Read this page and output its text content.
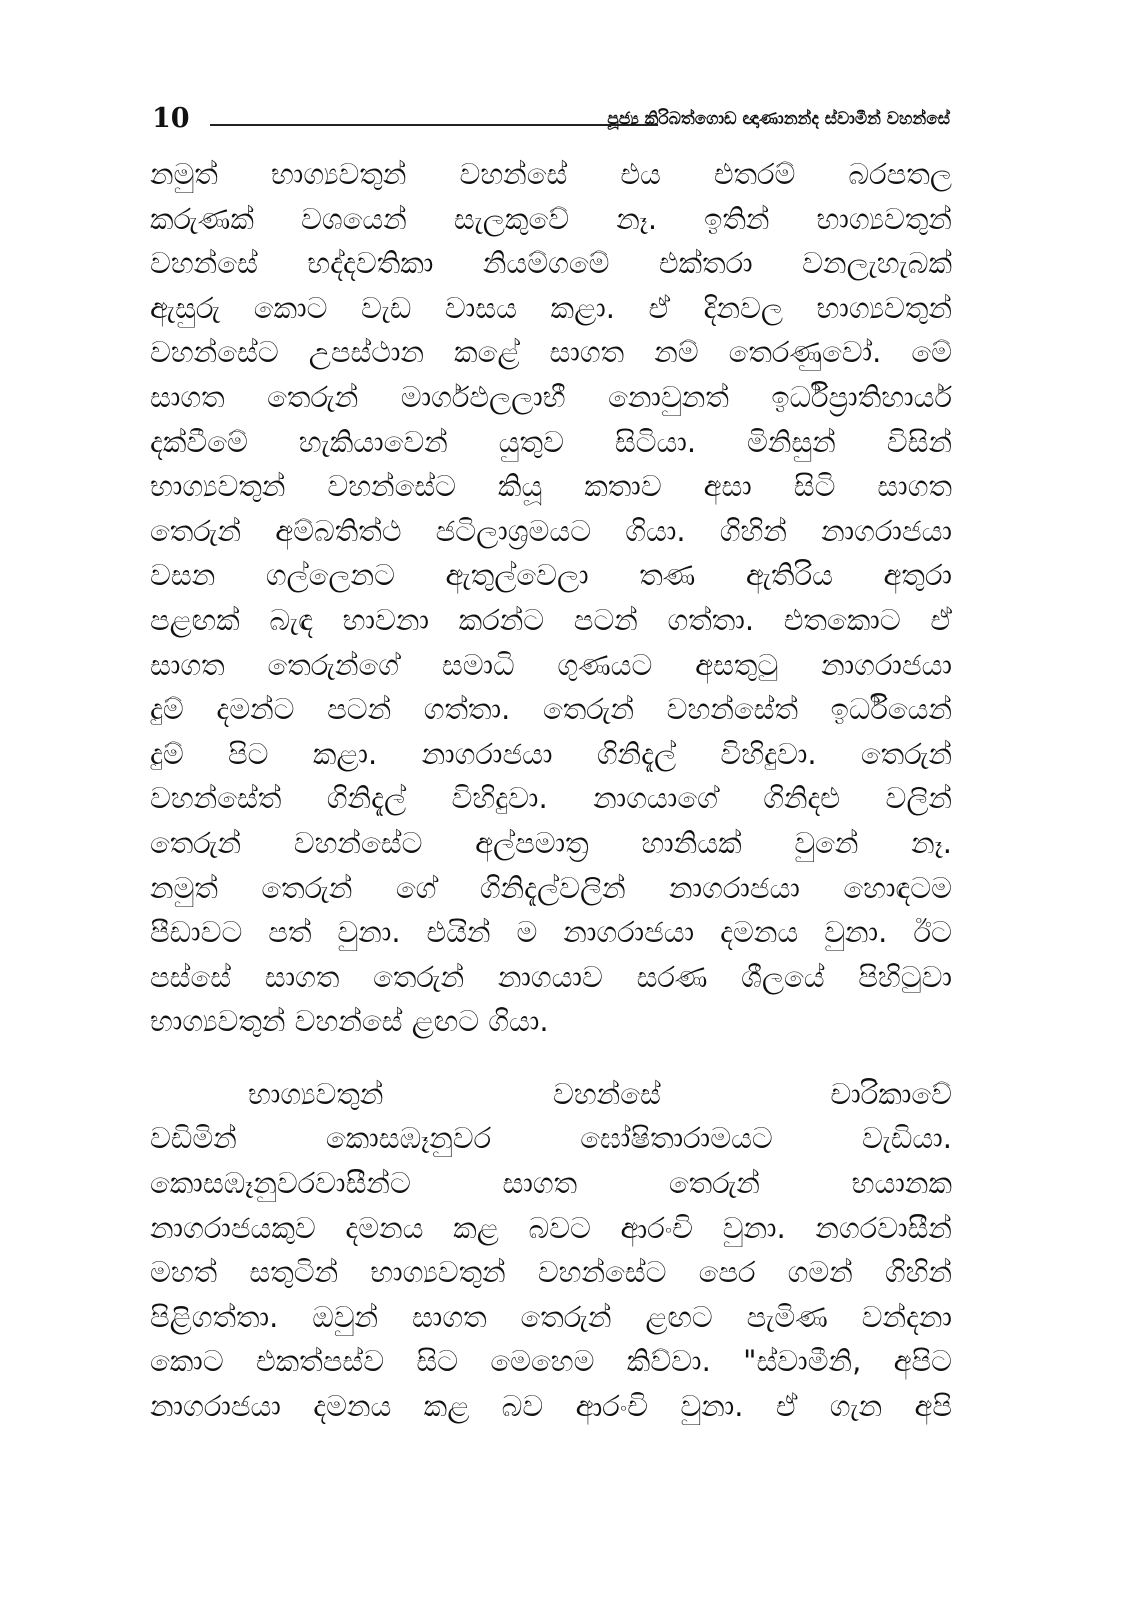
10	පූජ්‍ය කිරිබත්ගොඩ ඥාණානන්ද ස්වාමීන් වහන්සේ
නමුත් භාග්‍යවතුන් වහන්සේ එය එතරම් බරපතල
කරුණක් වශයෙන් සැලකුවේ නෑ. ඉතින් භාග්‍යවතුන්
වහන්සේ භද්දවතිකා නියම්ගමේ එක්තරා වනලැහැබක්
ඇසුරු කොට වැඩ වාසය කළා. ඒ දිනවල භාග්‍යවතුන්
වහන්සේට උපස්ථාන කළේ සාගත නම් තෙරණුවෝ. මේ
සාගත තෙරුන් මාර්ගඵලලාභී නොවුනත් ඉර්ධිප්‍රාතිහාර්ය
දක්වීමේ හැකියාවෙන් යුතුව සිටියා. මිනිසුන් විසින්
භාග්‍යවතුන් වහන්සේට කියූ කතාව අසා සිටි සාගත
තෙරුන් අම්බතිත්ථ ජටිලාශ්‍රමයට ගියා. ගිහින් නාගරාජයා
වසන ගල්ලෙනට ඇතුල්වෙලා තණ ඇතිරිය අතුරා
පළඟක් බැඳ භාවනා කරන්ට පටන් ගත්තා. එතකොට ඒ
සාගත තෙරුන්ගේ සමාධි ගුණයට අසතුටු නාගරාජයා
දුම් දමන්ට පටන් ගත්තා. තෙරුන් වහන්සේත් ඉර්ධියෙන්
දුම් පිට කළා. නාගරාජයා ගිනිදැල් විහිදුවා. තෙරුන්
වහන්සේත් ගිනිදැල් විහිදුවා. නාගයාගේ ගිනිදළු වලින්
තෙරුන් වහන්සේට අල්පමාත්‍ර හානියක් වුනේ නෑ.
නමුත් තෙරුන් ගේ ගිනිදැල්වලින් නාගරාජයා හොඳටම
පීඩාවට පත් වුනා. එයින් ම නාගරාජයා දමනය වුනා. ඊට
පස්සේ සාගත තෙරුන් නාගයාව සරණ ශීලයේ පිහිටුවා
භාග්‍යවතුන් වහන්සේ ළඟට ගියා.
භාග්‍යවතුන් වහන්සේ චාරිකාවේ
වඩිමින් කොසඹෑනුවර ඝෝෂිතාරාමයට වැඩියා.
කොසඹෑනුවරවාසීන්ට සාගත තෙරුන් භයානක
නාගරාජයකුව දමනය කළ බවට ආරංචි වුනා. නගරවාසීන්
මහත් සතුටින් භාග්‍යවතුන් වහන්සේට පෙර ගමන් ගිහින්
පිළිගත්තා. ඔවුන් සාගත තෙරුන් ළඟට පැමිණ වන්දනා
කොට එකත්පස්ව සිට මෙහෙම කිව්වා. "ස්වාමීනි, අපිට
නාගරාජයා දමනය කළ බව ආරංචි වුනා. ඒ ගැන අපි
